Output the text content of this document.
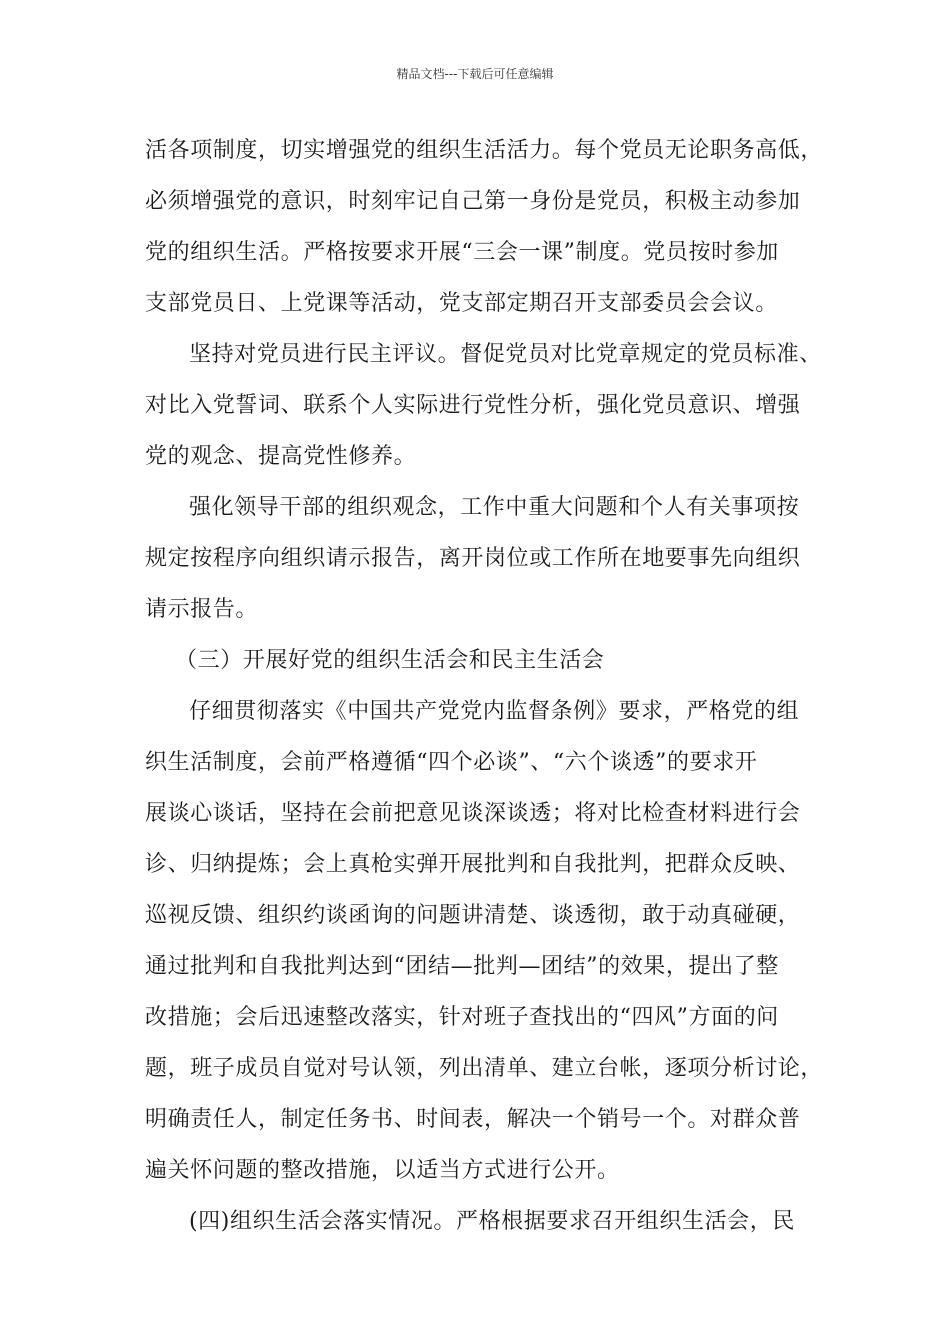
精品文档---下载后可任意编辑
活各项制度，切实增强党的组织生活活力。每个党员无论职务高低，
必须增强党的意识，时刻牢记自己第一身份是党员，积极主动参加
党的组织生活。严格按要求开展“三会一课”制度。党员按时参加
支部党员日、上党课等活动，党支部定期召开支部委员会会议。
坚持对党员进行民主评议。督促党员对比党章规定的党员标准、
对比入党誓词、联系个人实际进行党性分析，强化党员意识、增强
党的观念、提高党性修养。
强化领导干部的组织观念，工作中重大问题和个人有关事项按
规定按程序向组织请示报告，离开岗位或工作所在地要事先向组织
请示报告。
（三）开展好党的组织生活会和民主生活会
仔细贯彻落实《中国共产党党内监督条例》要求，严格党的组
织生活制度，会前严格遵循“四个必谈”、“六个谈透”的要求开
展谈心谈话，坚持在会前把意见谈深谈透；将对比检查材料进行会
诊、归纳提炼；会上真枪实弹开展批判和自我批判，把群众反映、
巡视反馈、组织约谈函询的问题讲清楚、谈透彻，敢于动真碰硬，
通过批判和自我批判达到“团结—批判—团结”的效果，提出了整
改措施；会后迅速整改落实，针对班子查找出的“四风”方面的问
题，班子成员自觉对号认领，列出清单、建立台帐，逐项分析讨论，
明确责任人，制定任务书、时间表，解决一个销号一个。对群众普
遍关怀问题的整改措施，以适当方式进行公开。
(四)组织生活会落实情况。严格根据要求召开组织生活会，民
